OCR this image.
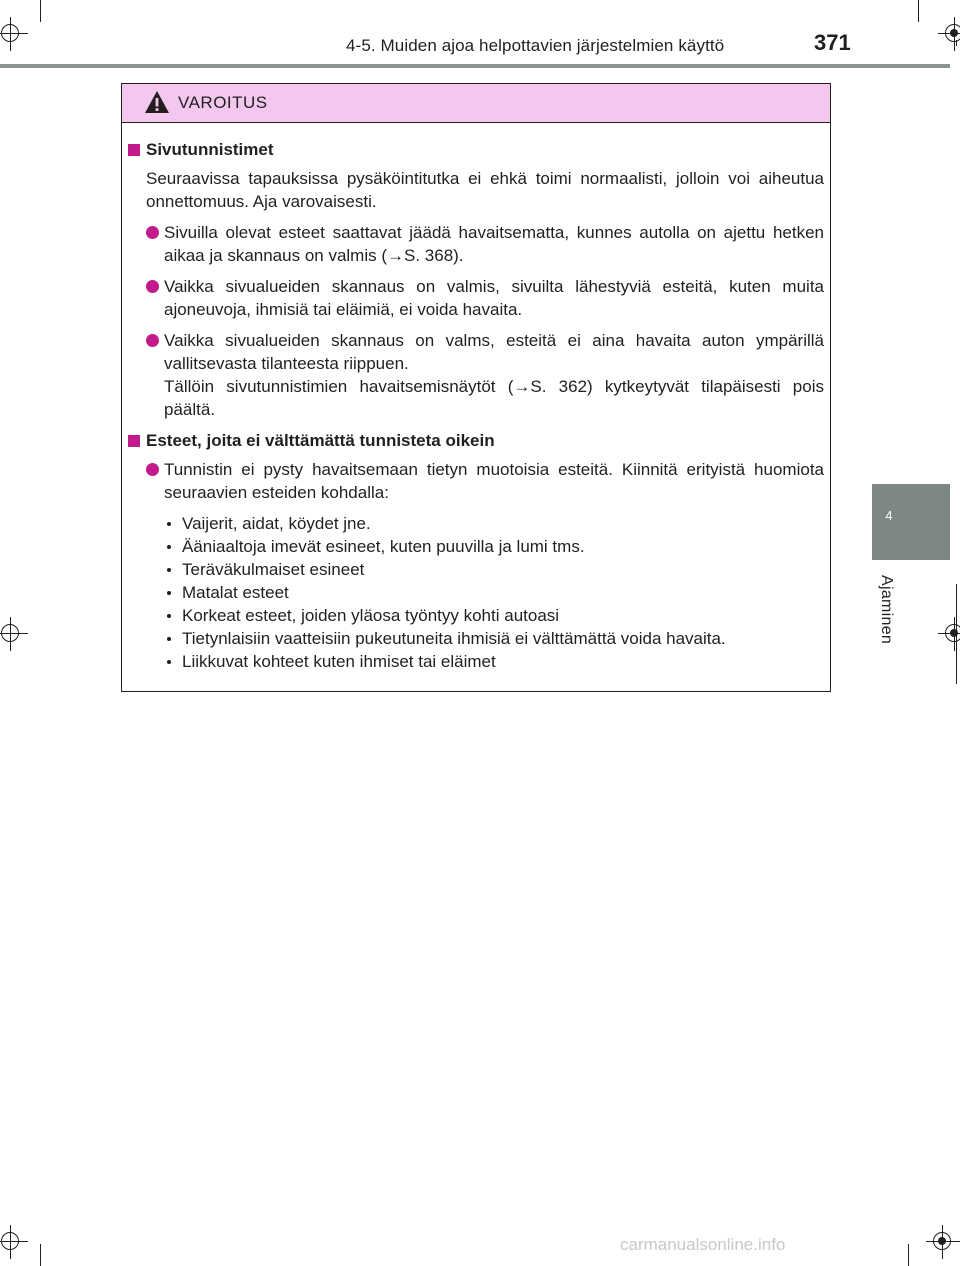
4-5. Muiden ajoa helpottavien järjestelmien käyttö	371
4
Ajaminen
VAROITUS
Sivutunnistimet
Seuraavissa tapauksissa pysäköintitutka ei ehkä toimi normaalisti, jolloin voi aiheutua onnettomuus. Aja varovaisesti.

Sivuilla olevat esteet saattavat jäädä havaitsematta, kunnes autolla on ajettu hetken aikaa ja skannaus on valmis (→S. 368).

Vaikka sivualueiden skannaus on valmis, sivuilta lähestyviä esteitä, kuten muita ajoneuvoja, ihmisiä tai eläimiä, ei voida havaita.

Vaikka sivualueiden skannaus on valms, esteitä ei aina havaita auton ympärillä vallitsevasta tilanteesta riippuen.

Tällöin sivutunnistimien havaitsemisnäytöt (→S. 362) kytkeytyvät tilapäisesti pois päältä.

Esteet, joita ei välttämättä tunnisteta oikein

Tunnistin ei pysty havaitsemaan tietyn muotoisia esteitä. Kiinnitä erityistä huomiota seuraavien esteiden kohdalla:

Vaijerit, aidat, köydet jne.
Ääniaaltoja imevät esineet, kuten puuvilla ja lumi tms.
Teräväkulmaiset esineet
Matalat esteet
Korkeat esteet, joiden yläosa työntyy kohti autoasi
Tietynlaisiin vaatteisiin pukeutuneita ihmisiä ei välttämättä voida havaita.
Liikkuvat kohteet kuten ihmiset tai eläimet
carmanualsonline.info
